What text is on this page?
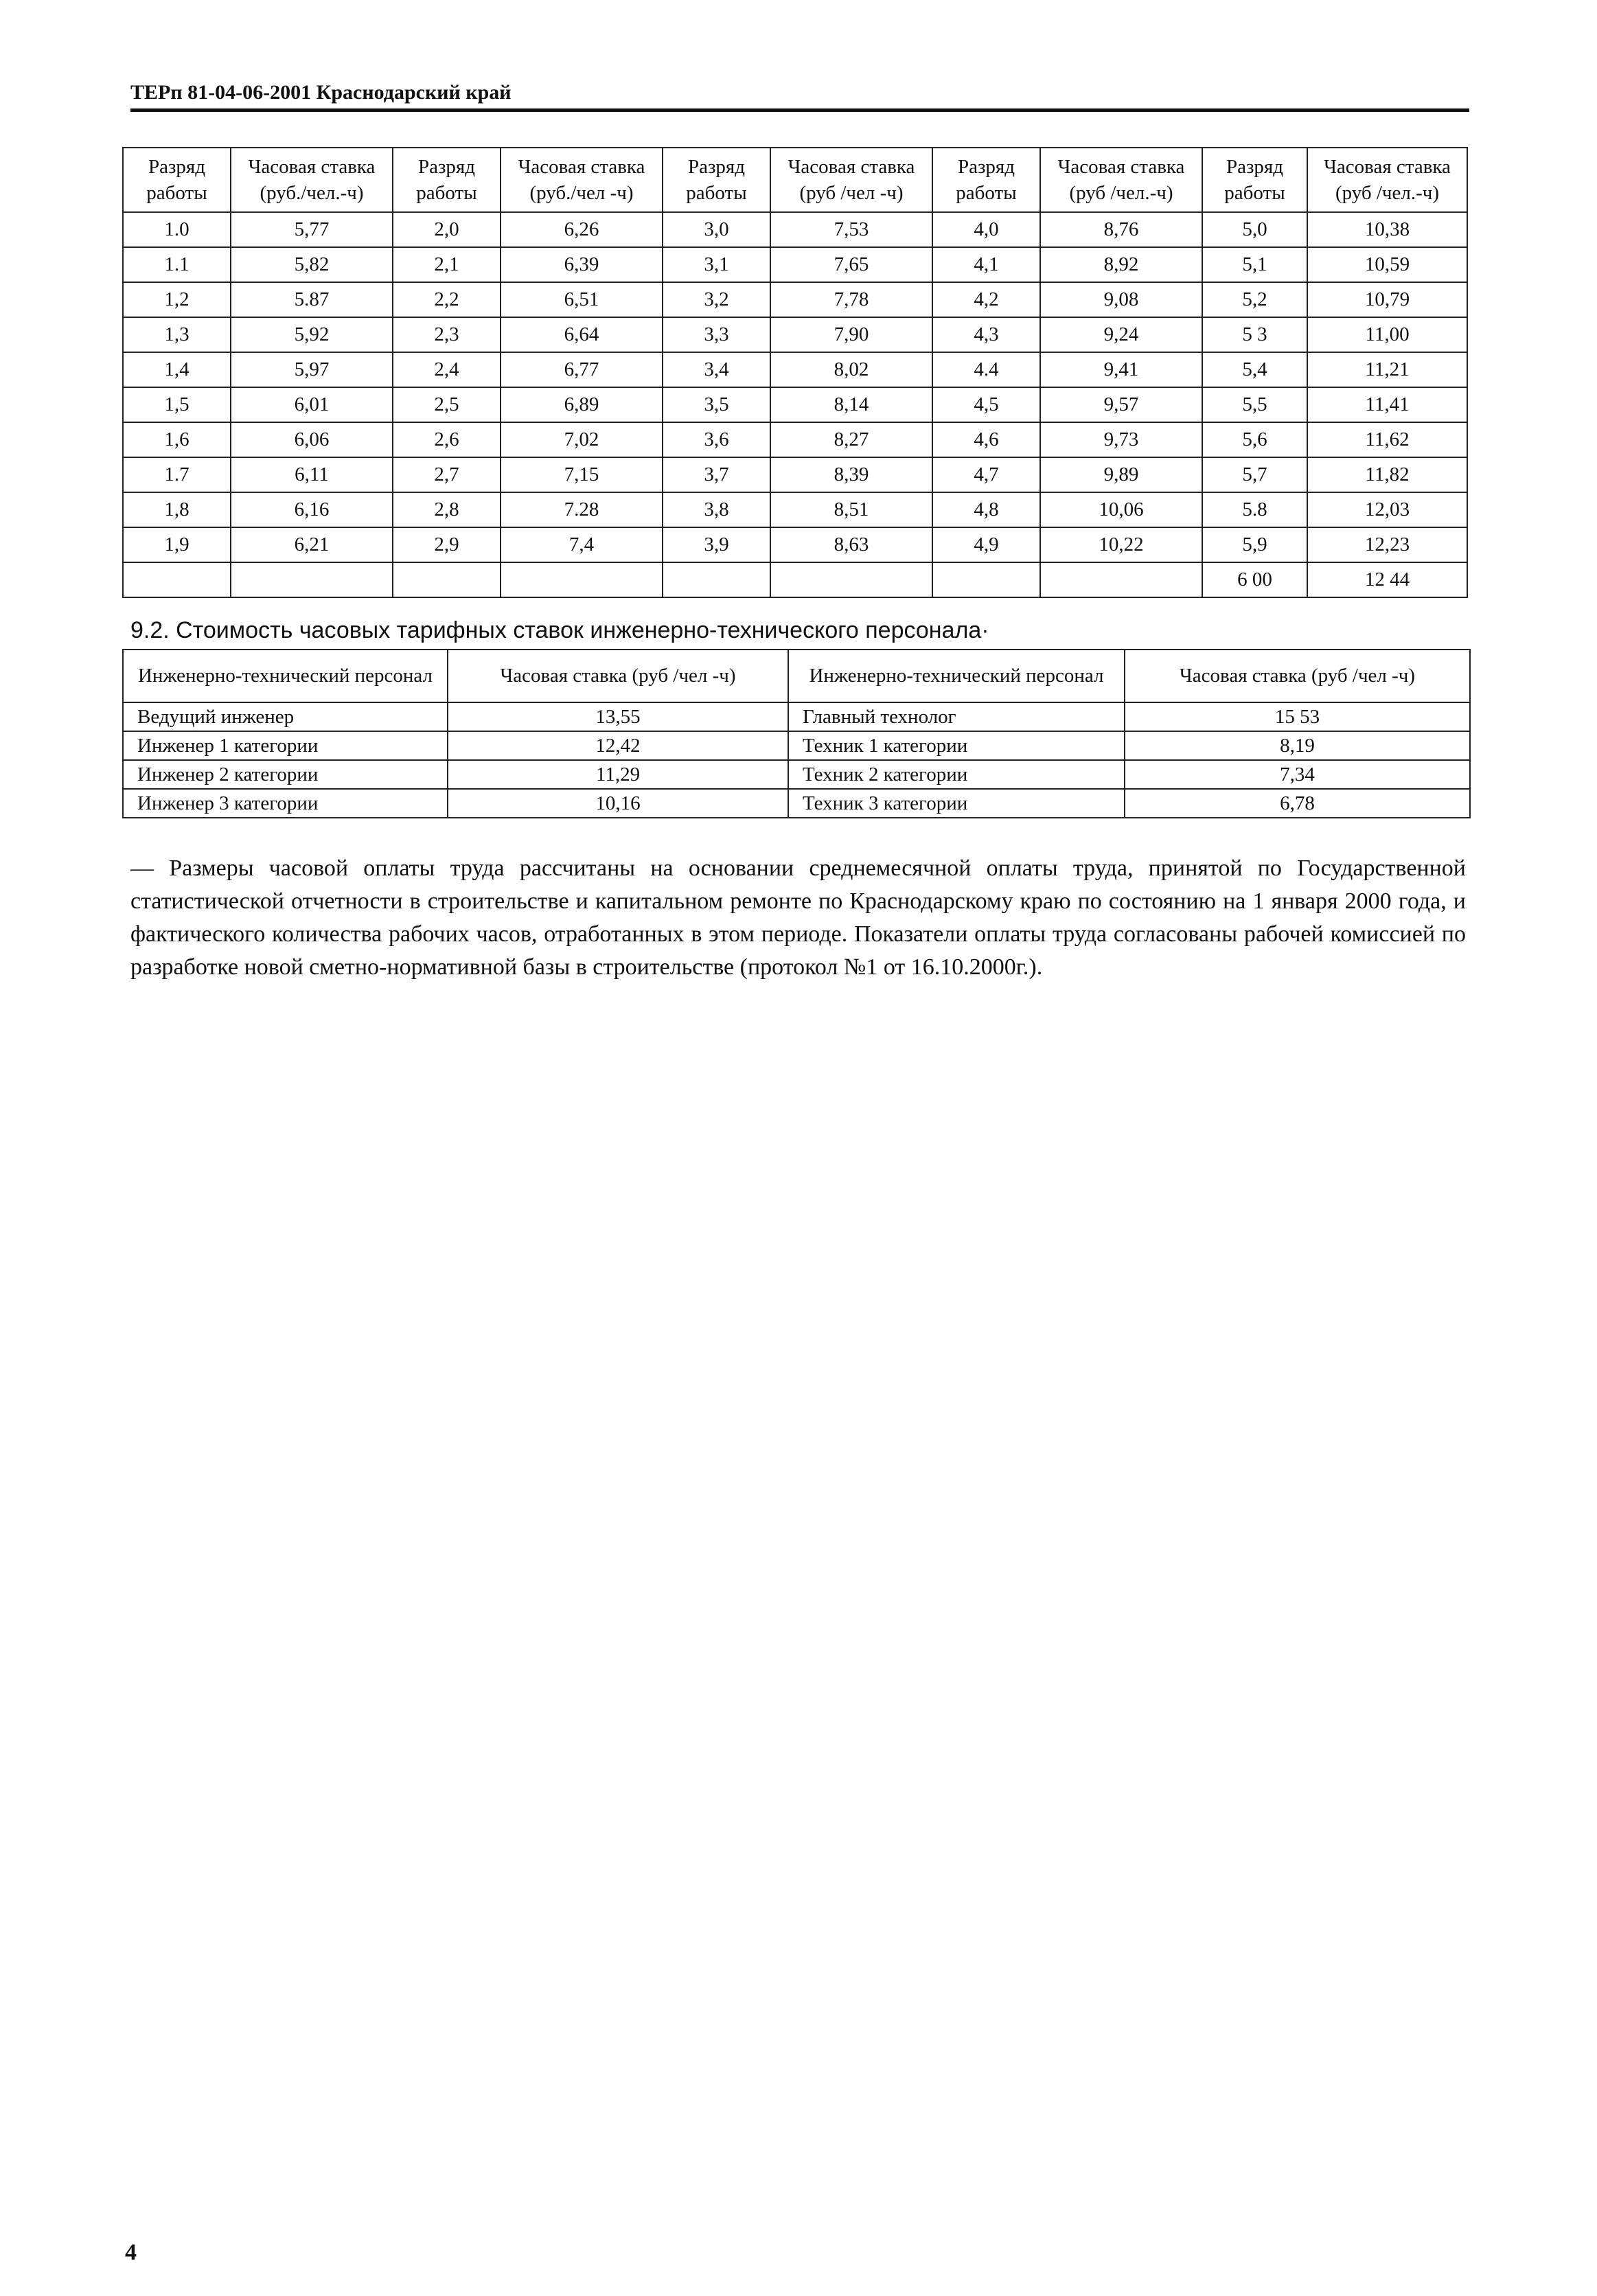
ТЕРп 81-04-06-2001 Краснодарский край
Разряд работы	Часовая ставка (руб./чел.-ч)	Разряд работы	Часовая ставка (руб./чел -ч)	Разряд работы	Часовая ставка (руб /чел -ч)	Разряд работы	Часовая ставка (руб /чел.-ч)	Разряд работы	Часовая ставка (руб /чел.-ч)
1.0	5,77	2,0	6,26	3,0	7,53	4,0	8,76	5,0	10,38
1.1	5,82	2,1	6,39	3,1	7,65	4,1	8,92	5,1	10,59
1,2	5.87	2,2	6,51	3,2	7,78	4,2	9,08	5,2	10,79
1,3	5,92	2,3	6,64	3,3	7,90	4,3	9,24	5 3	11,00
1,4	5,97	2,4	6,77	3,4	8,02	4.4	9,41	5,4	11,21
1,5	6,01	2,5	6,89	3,5	8,14	4,5	9,57	5,5	11,41
1,6	6,06	2,6	7,02	3,6	8,27	4,6	9,73	5,6	11,62
1.7	6,11	2,7	7,15	3,7	8,39	4,7	9,89	5,7	11,82
1,8	6,16	2,8	7.28	3,8	8,51	4,8	10,06	5.8	12,03
1,9	6,21	2,9	7,4	3,9	8,63	4,9	10,22	5,9	12,23
								6 00	12 44
9.2. Стоимость часовых тарифных ставок инженерно-технического персонала·
Инженерно-технический персонал	Часовая ставка (руб /чел -ч)	Инженерно-технический персонал	Часовая ставка (руб /чел -ч)
Ведущий инженер	13,55	Главный технолог	15 53
Инженер 1 категории	12,42	Техник 1 категории	8,19
Инженер 2 категории	11,29	Техник 2 категории	7,34
Инженер 3 категории	10,16	Техник 3 категории	6,78
— Размеры часовой оплаты труда рассчитаны на основании среднемесячной оплаты труда, принятой по Государственной статистической отчетности в строительстве и капитальном ремонте по Краснодарскому краю по состоянию на 1 января 2000 года, и фактического количества рабочих часов, отработанных в этом периоде. Показатели оплаты труда согласованы рабочей комиссией по разработке новой сметно-нормативной базы в строительстве (протокол №1 от 16.10.2000г.).
4
